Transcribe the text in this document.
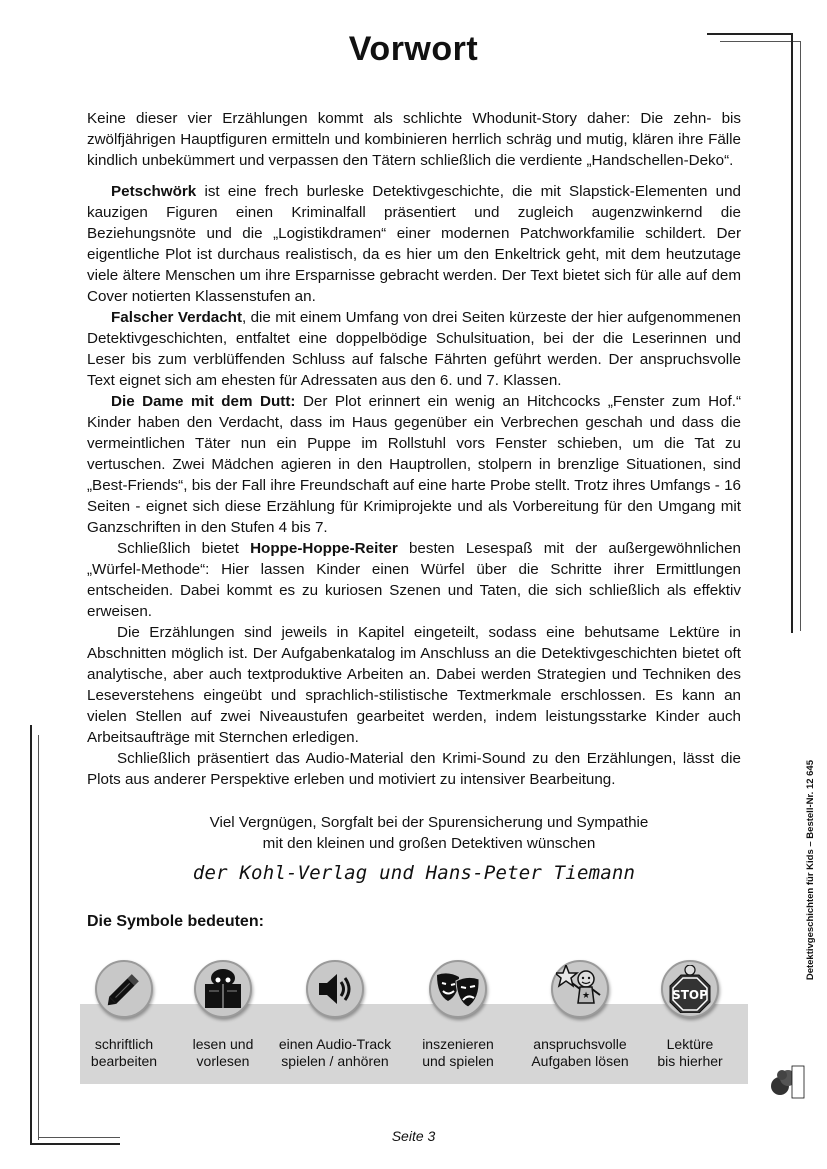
Vorwort

Keine dieser vier Erzählungen kommt als schlichte Whodunit-Story daher: Die zehn- bis zwölfjährigen Hauptfiguren ermitteln und kombinieren herrlich schräg und mutig, klären ihre Fälle kindlich unbekümmert und verpassen den Tätern schließlich die verdiente „Handschellen-Deko“.

Petschwörk ist eine frech burleske Detektivgeschichte, die mit Slapstick-Elementen und kauzigen Figuren einen Kriminalfall präsentiert und zugleich augenzwinkernd die Beziehungsnöte und die „Logistikdramen“ einer modernen Patchworkfamilie schildert. Der eigentliche Plot ist durchaus realistisch, da es hier um den Enkeltrick geht, mit dem heutzutage viele ältere Menschen um ihre Ersparnisse gebracht werden. Der Text bietet sich für alle auf dem Cover notierten Klassenstufen an.

Falscher Verdacht, die mit einem Umfang von drei Seiten kürzeste der hier aufgenommenen Detektivgeschichten, entfaltet eine doppelbödige Schulsituation, bei der die Leserinnen und Leser bis zum verblüffenden Schluss auf falsche Fährten geführt werden. Der anspruchsvolle Text eignet sich am ehesten für Adressaten aus den 6. und 7. Klassen.

Die Dame mit dem Dutt: Der Plot erinnert ein wenig an Hitchcocks „Fenster zum Hof.“ Kinder haben den Verdacht, dass im Haus gegenüber ein Verbrechen geschah und dass die vermeintlichen Täter nun ein Puppe im Rollstuhl vors Fenster schieben, um die Tat zu vertuschen. Zwei Mädchen agieren in den Hauptrollen, stolpern in brenzlige Situationen, sind „Best-Friends“, bis der Fall ihre Freundschaft auf eine harte Probe stellt. Trotz ihres Umfangs - 16 Seiten - eignet sich diese Erzählung für Krimiprojekte und als Vorbereitung für den Umgang mit Ganzschriften in den Stufen 4 bis 7.

Schließlich bietet Hoppe-Hoppe-Reiter besten Lesespaß mit der außergewöhnlichen „Würfel-Methode“: Hier lassen Kinder einen Würfel über die Schritte ihrer Ermittlungen entscheiden. Dabei kommt es zu kuriosen Szenen und Taten, die sich schließlich als effektiv erweisen.

Die Erzählungen sind jeweils in Kapitel eingeteilt, sodass eine behutsame Lektüre in Abschnitten möglich ist. Der Aufgabenkatalog im Anschluss an die Detektivgeschichten bietet oft analytische, aber auch textproduktive Arbeiten an. Dabei werden Strategien und Techniken des Leseverstehens eingeübt und sprachlich-stilistische Textmerkmale erschlossen. Es kann an vielen Stellen auf zwei Niveaustufen gearbeitet werden, indem leistungsstarke Kinder auch Arbeitsaufträge mit Sternchen erledigen.

Schließlich präsentiert das Audio-Material den Krimi-Sound zu den Erzählungen, lässt die Plots aus anderer Perspektive erleben und motiviert zu intensiver Bearbeitung.

Viel Vergnügen, Sorgfalt bei der Spurensicherung und Sympathie
mit den kleinen und großen Detektiven wünschen
der Kohl-Verlag und Hans-Peter Tiemann
Die Symbole bedeuten:
schriftlich
bearbeiten
lesen und
vorlesen
einen Audio-Track
spielen / anhören
inszenieren
und spielen
★
anspruchsvolle
Aufgaben lösen
STOP
Lektüre
bis hierher
Detektivgeschichten für Kids – Bestell-Nr. 12 645
Seite 3
